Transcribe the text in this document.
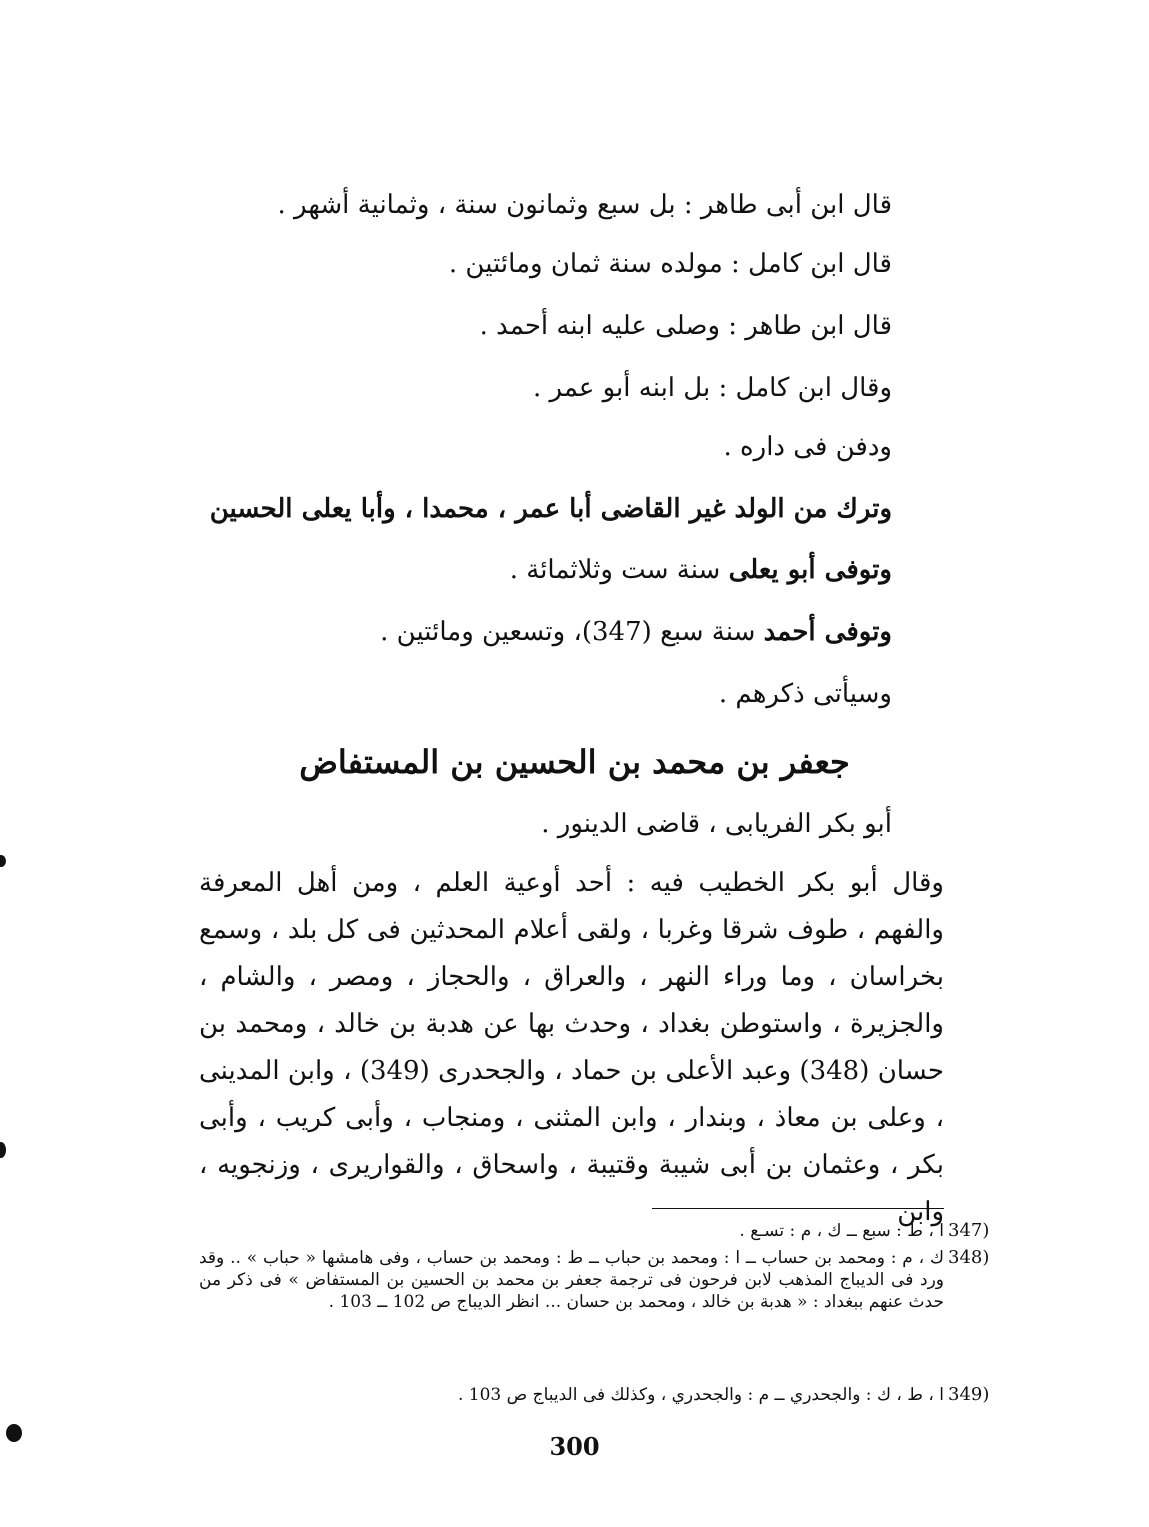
قال ابن أبى طاهر : بل سبع وثمانون سنة ، وثمانية أشهر .

قال ابن كامل : مولده سنة ثمان ومائتين .

قال ابن طاهر : وصلى عليه ابنه أحمد .

وقال ابن كامل : بل ابنه أبو عمر .

ودفن فى داره .

وترك من الولد غير القاضى أبا عمر ، محمدا ، وأبا يعلى الحسين

وتوفى أبو يعلى سنة ست وثلاثمائة .

وتوفى أحمد سنة سبع (347)، وتسعين ومائتين .

وسيأتى ذكرهم .

جعفر بن محمد بن الحسين بن المستفاض

أبو بكر الفريابى ، قاضى الدينور .

وقال أبو بكر الخطيب فيه : أحد أوعية العلم ، ومن أهل المعرفة والفهم ، طوف شرقا وغربا ، ولقى أعلام المحدثين فى كل بلد ، وسمع بخراسان ، وما وراء النهر ، والعراق ، والحجاز ، ومصر ، والشام ، والجزيرة ، واستوطن بغداد ، وحدث بها عن هدبة بن خالد ، ومحمد بن حسان (348) وعبد الأعلى بن حماد ، والجحدرى (349) ، وابن المدينى ، وعلى بن معاذ ، وبندار ، وابن المثنى ، ومنجاب ، وأبى كريب ، وأبى بكر ، وعثمان بن أبى شيبة وقتيبة ، واسحاق ، والقواريرى ، وزنجويه ، وابن

347)
ا ، ط : سبع ــ ك ، م : تسـع .
348)
ك ، م : ومحمد بن حساب ــ ا : ومحمد بن حباب ــ ط : ومحمد بن حساب ، وفى هامشها « حباب » .. وقد ورد فى الديباج المذهب لابن فرحون فى ترجمة جعفر بن محمد بن الحسين بن المستفاض » فى ذكر من حدث عنهم ببغداد : « هدبة بن خالد ، ومحمد بن حسان ... انظر الديباج ص 102 ــ 103 .
349)
ا ، ط ، ك : والجحدري ــ م : والجحدري ، وكذلك فى الديباج ص 103 .
300
